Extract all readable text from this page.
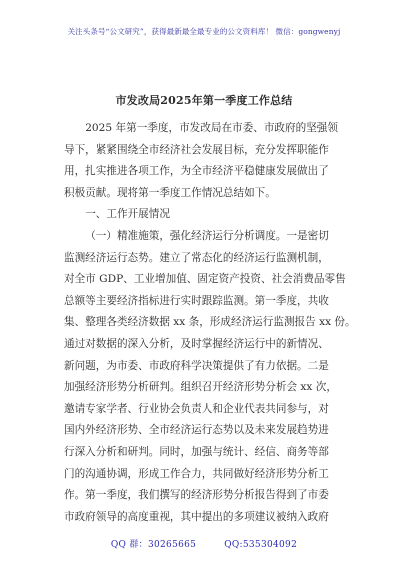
关注头条号“公文研究”，获得最新最全最专业的公文资料库！ 微信：gongwenyj
市发改局2025年第一季度工作总结
2025 年第一季度，市发改局在市委、市政府的坚强领
导下，紧紧围绕全市经济社会发展目标，充分发挥职能作
用，扎实推进各项工作，为全市经济平稳健康发展做出了
积极贡献。现将第一季度工作情况总结如下。
一、工作开展情况
（一）精准施策，强化经济运行分析调度。一是密切
监测经济运行态势。建立了常态化的经济运行监测机制，
对全市 GDP、工业增加值、固定资产投资、社会消费品零售
总额等主要经济指标进行实时跟踪监测。第一季度，共收
集、整理各类经济数据 xx 条，形成经济运行监测报告 xx 份。
通过对数据的深入分析，及时掌握经济运行中的新情况、
新问题，为市委、市政府科学决策提供了有力依据。二是
加强经济形势分析研判。组织召开经济形势分析会 xx 次，
邀请专家学者、行业协会负责人和企业代表共同参与，对
国内外经济形势、全市经济运行态势以及未来发展趋势进
行深入分析和研判。同时，加强与统计、经信、商务等部
门的沟通协调，形成工作合力，共同做好经济形势分析工
作。第一季度，我们撰写的经济形势分析报告得到了市委
市政府领导的高度重视，其中提出的多项建议被纳入政府
QQ 群：30265665	QQ:535304092
